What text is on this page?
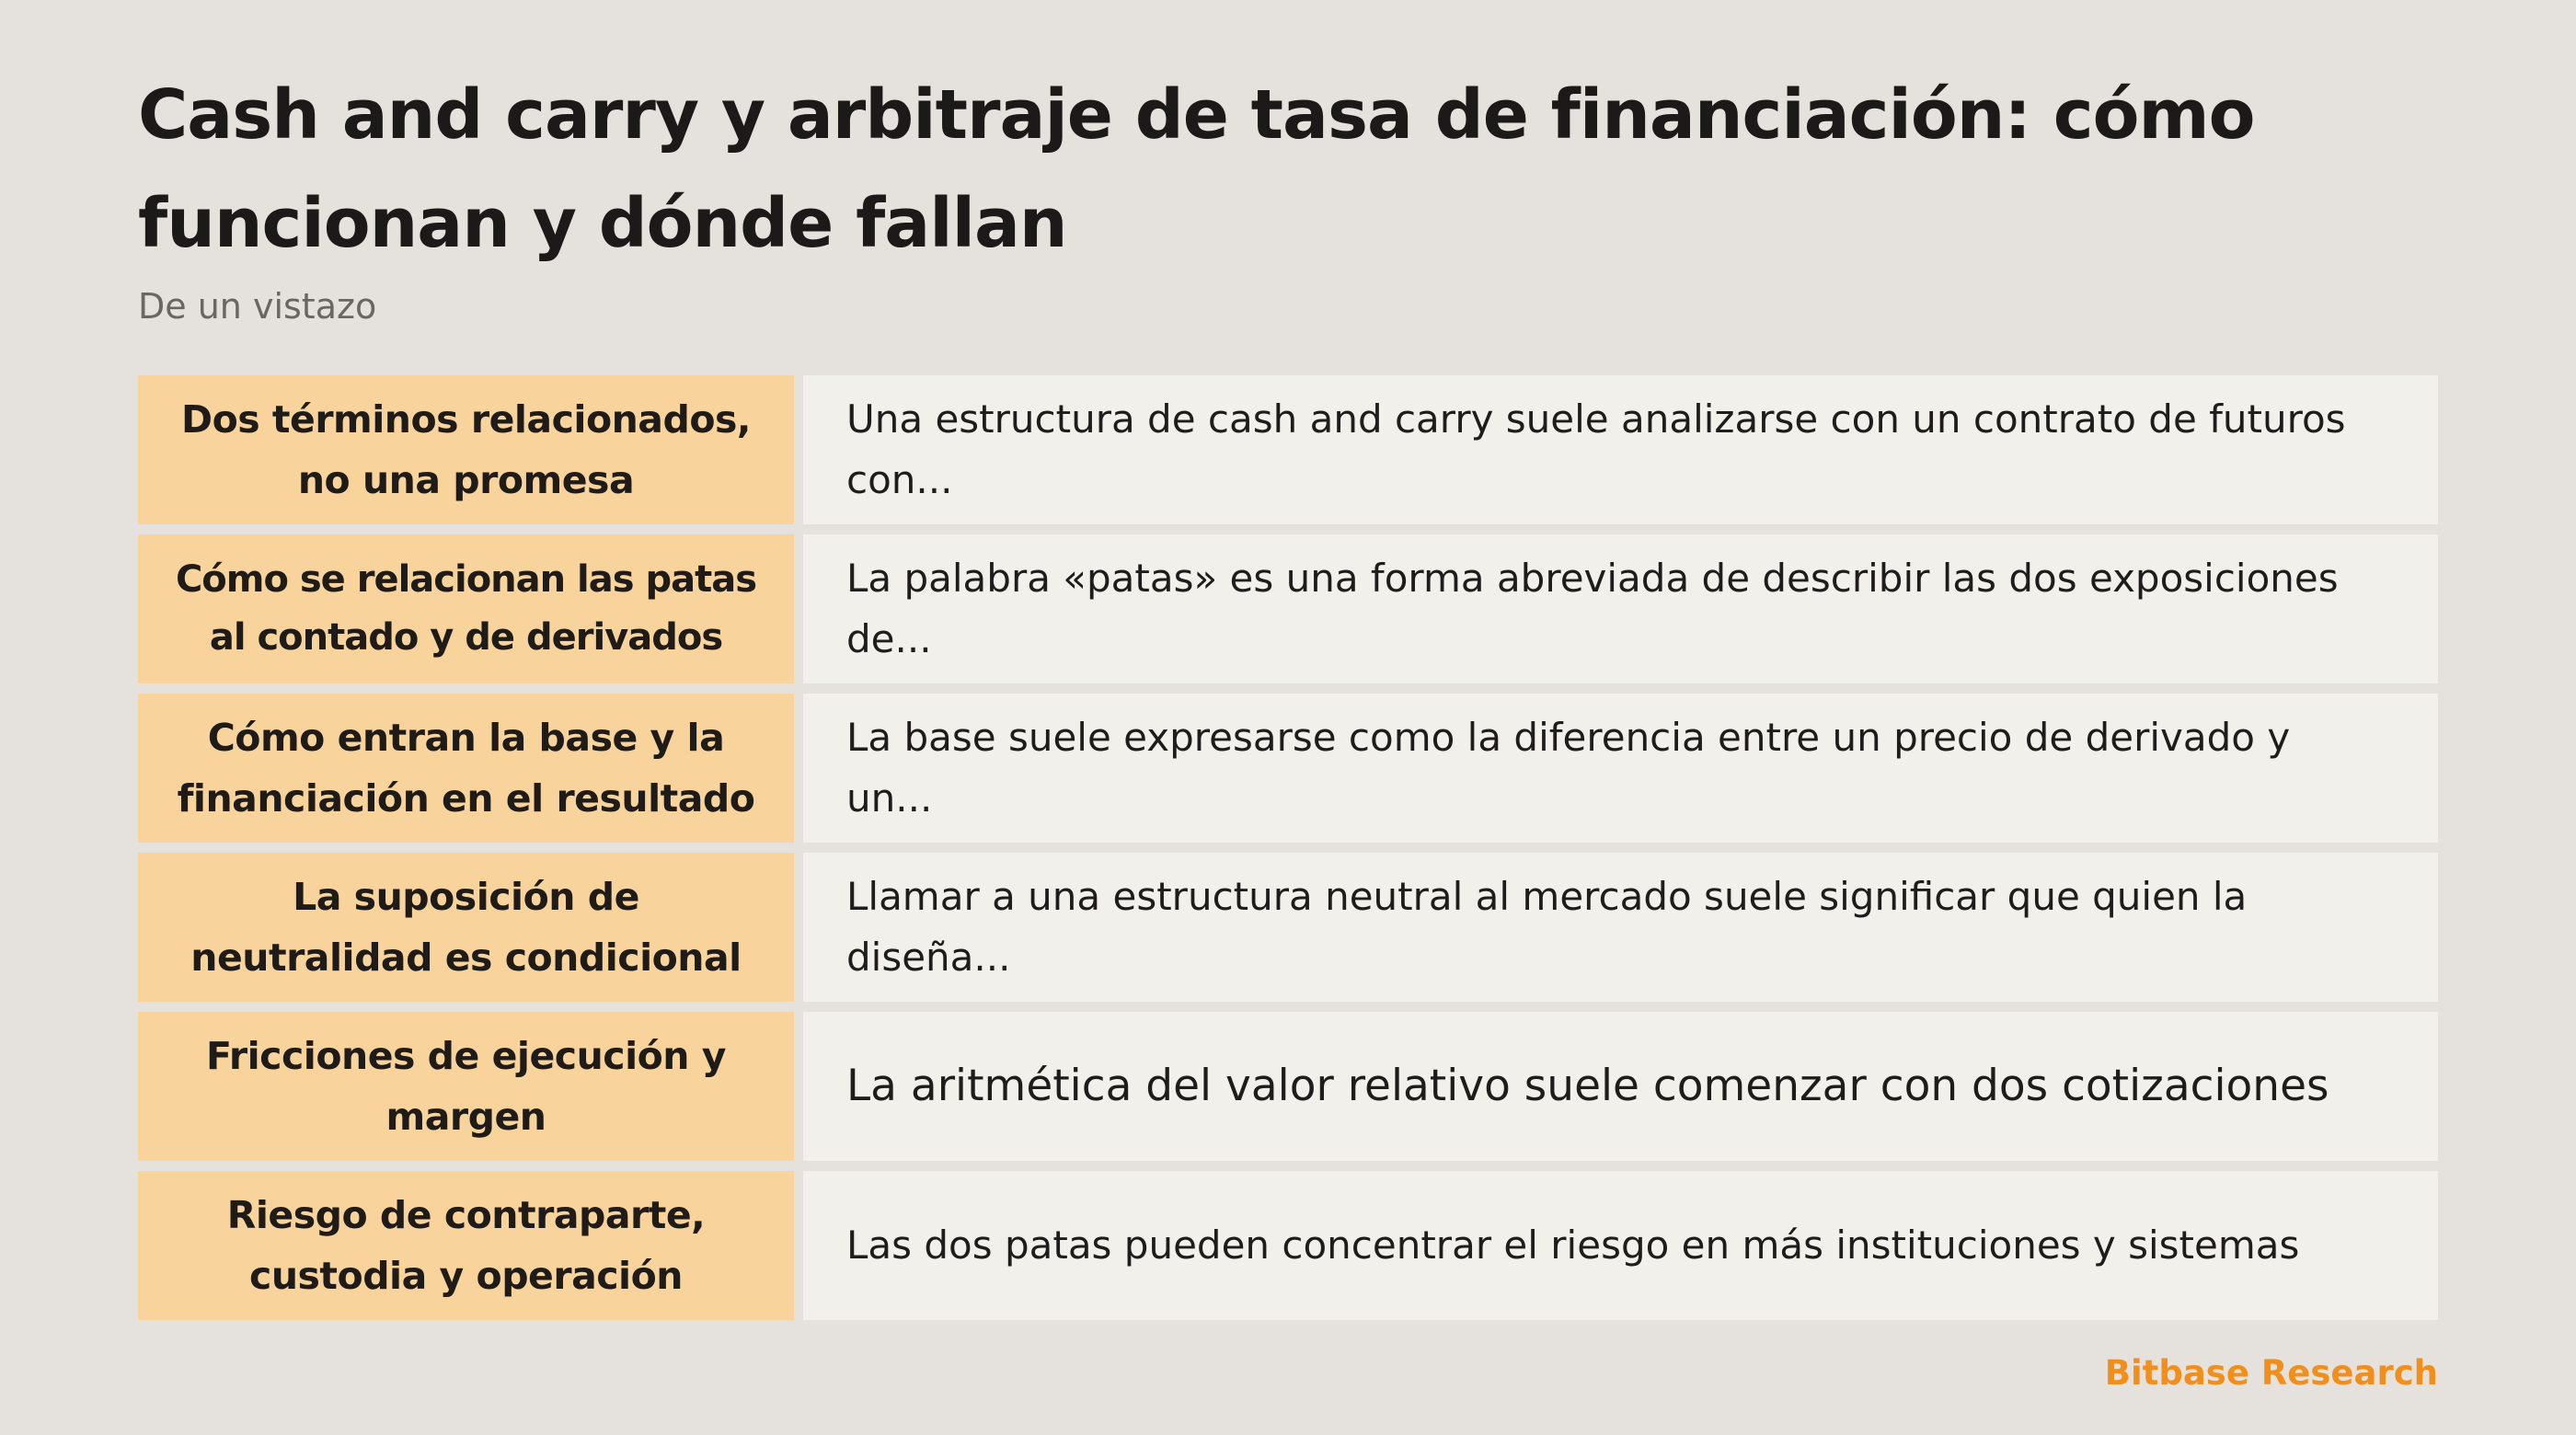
Cash and carry y arbitraje de tasa de financiación: cómo funcionan y dónde fallan

De un vistazo

Dos términos relacionados, no una promesa
Una estructura de cash and carry suele analizarse con un contrato de futuros con...
Cómo se relacionan las patas al contado y de derivados
La palabra «patas» es una forma abreviada de describir las dos exposiciones de...
Cómo entran la base y la financiación en el resultado
La base suele expresarse como la diferencia entre un precio de derivado y un...
La suposición de neutralidad es condicional
Llamar a una estructura neutral al mercado suele significar que quien la diseña...
Fricciones de ejecución y margen
La aritmética del valor relativo suele comenzar con dos cotizaciones
Riesgo de contraparte, custodia y operación
Las dos patas pueden concentrar el riesgo en más instituciones y sistemas

Bitbase Research
